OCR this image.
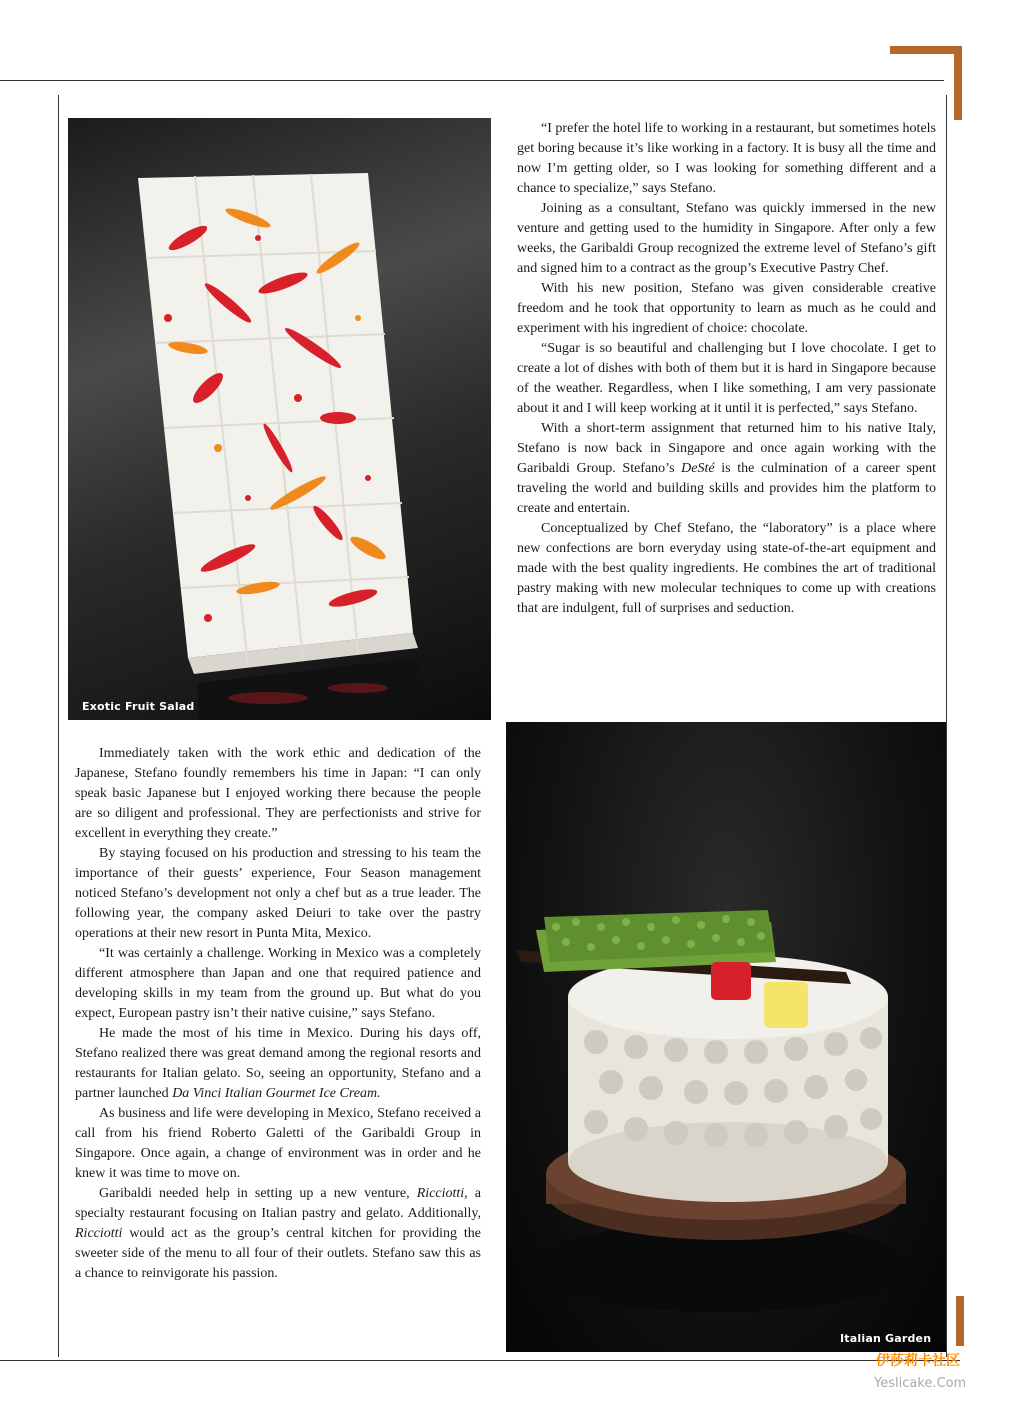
Exotic Fruit Salad
Italian Garden

“I prefer the hotel life to working in a restaurant, but sometimes hotels get boring because it’s like working in a factory. It is busy all the time and now I’m getting older, so I was looking for something different and a chance to specialize,” says Stefano.

Joining as a consultant, Stefano was quickly immersed in the new venture and getting used to the humidity in Singapore. After only a few weeks, the Garibaldi Group recognized the extreme level of Stefano’s gift and signed him to a contract as the group’s Executive Pastry Chef.

With his new position, Stefano was given considerable creative freedom and he took that opportunity to learn as much as he could and experiment with his ingredient of choice: chocolate.

“Sugar is so beautiful and challenging but I love chocolate. I get to create a lot of dishes with both of them but it is hard in Singapore because of the weather. Regardless, when I like something, I am very passionate about it and I will keep working at it until it is perfected,” says Stefano.

With a short-term assignment that returned him to his native Italy, Stefano is now back in Singapore and once again working with the Garibaldi Group. Stefano’s DeSté is the culmination of a career spent traveling the world and building skills and provides him the platform to create and entertain.

Conceptualized by Chef Stefano, the “laboratory” is a place where new confections are born everyday using state-of-the-art equipment and made with the best quality ingredients. He combines the art of traditional pastry making with new molecular techniques to come up with creations that are indulgent, full of surprises and seduction.

Immediately taken with the work ethic and dedication of the Japanese, Stefano foundly remembers his time in Japan: “I can only speak basic Japanese but I enjoyed working there because the people are so diligent and professional. They are perfectionists and strive for excellent in everything they create.”

By staying focused on his production and stressing to his team the importance of their guests’ experience, Four Season management noticed Stefano’s development not only a chef but as a true leader. The following year, the company asked Deiuri to take over the pastry operations at their new resort in Punta Mita, Mexico.

“It was certainly a challenge. Working in Mexico was a completely different atmosphere than Japan and one that required patience and developing skills in my team from the ground up. But what do you expect, European pastry isn’t their native cuisine,” says Stefano.

He made the most of his time in Mexico. During his days off, Stefano realized there was great demand among the regional resorts and restaurants for Italian gelato. So, seeing an opportunity, Stefano and a partner launched Da Vinci Italian Gourmet Ice Cream.

As business and life were developing in Mexico, Stefano received a call from his friend Roberto Galetti of the Garibaldi Group in Singapore. Once again, a change of environment was in order and he knew it was time to move on.

Garibaldi needed help in setting up a new venture, Ricciotti, a specialty restaurant focusing on Italian pastry and gelato. Additionally, Ricciotti would act as the group’s central kitchen for providing the sweeter side of the menu to all four of their outlets. Stefano saw this as a chance to reinvigorate his passion.

伊莎莉卡社区
Yeslicake.Com
